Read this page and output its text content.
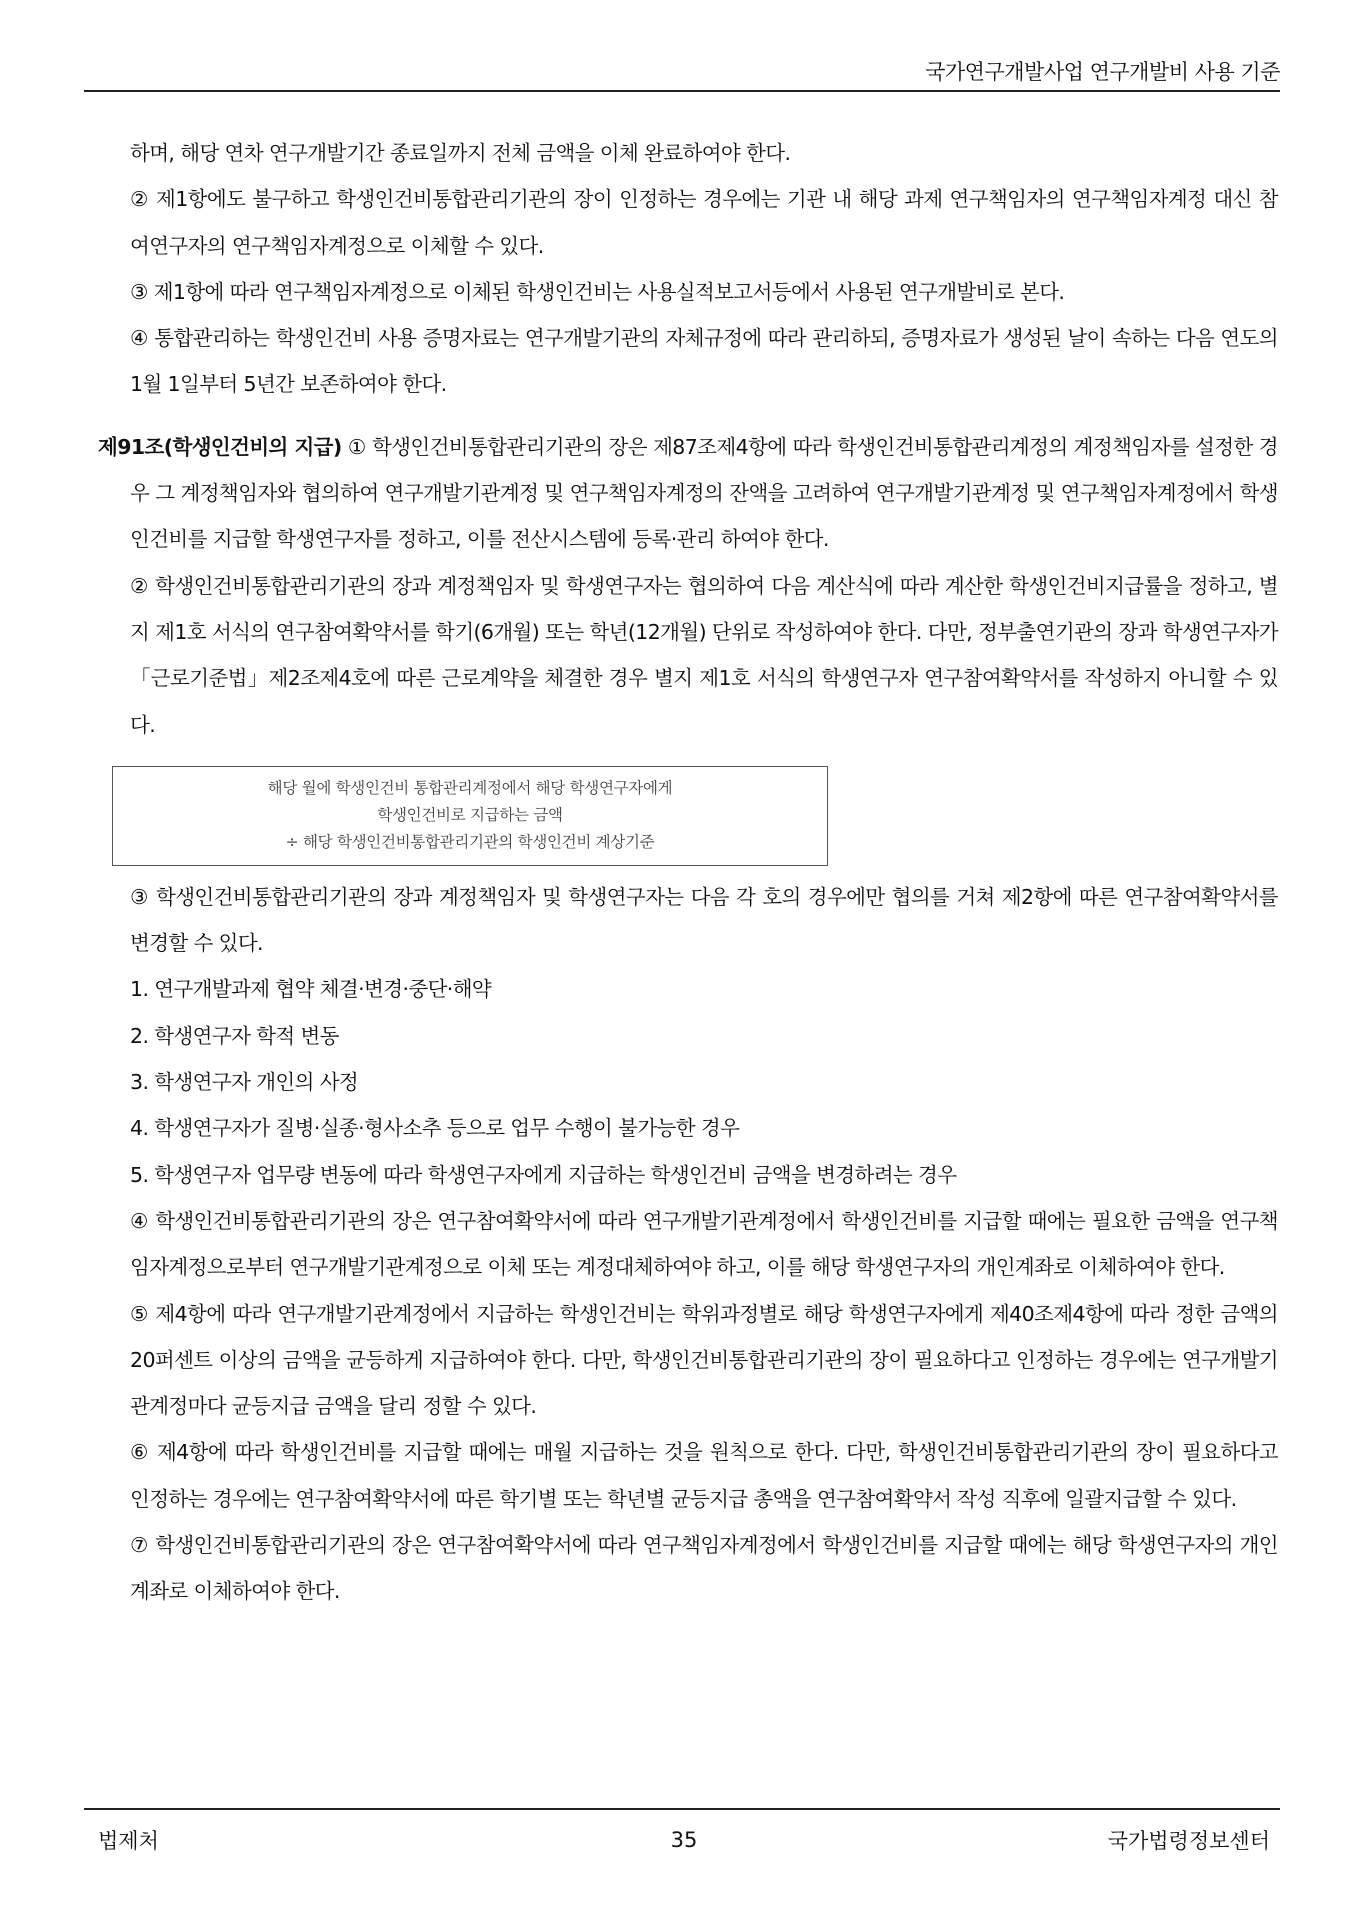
국가연구개발사업 연구개발비 사용 기준

하며, 해당 연차 연구개발기간 종료일까지 전체 금액을 이체 완료하여야 한다.

② 제1항에도 불구하고 학생인건비통합관리기관의 장이 인정하는 경우에는 기관 내 해당 과제 연구책임자의 연구책임자계정 대신 참여연구자의 연구책임자계정으로 이체할 수 있다.

③ 제1항에 따라 연구책임자계정으로 이체된 학생인건비는 사용실적보고서등에서 사용된 연구개발비로 본다.

④ 통합관리하는 학생인건비 사용 증명자료는 연구개발기관의 자체규정에 따라 관리하되, 증명자료가 생성된 날이 속하는 다음 연도의 1월 1일부터 5년간 보존하여야 한다.

제91조(학생인건비의 지급) ① 학생인건비통합관리기관의 장은 제87조제4항에 따라 학생인건비통합관리계정의 계정책임자를 설정한 경우 그 계정책임자와 협의하여 연구개발기관계정 및 연구책임자계정의 잔액을 고려하여 연구개발기관계정 및 연구책임자계정에서 학생인건비를 지급할 학생연구자를 정하고, 이를 전산시스템에 등록·관리 하여야 한다.

② 학생인건비통합관리기관의 장과 계정책임자 및 학생연구자는 협의하여 다음 계산식에 따라 계산한 학생인건비지급률을 정하고, 별지 제1호 서식의 연구참여확약서를 학기(6개월) 또는 학년(12개월) 단위로 작성하여야 한다. 다만, 정부출연기관의 장과 학생연구자가 「근로기준법」제2조제4호에 따른 근로계약을 체결한 경우 별지 제1호 서식의 학생연구자 연구참여확약서를 작성하지 아니할 수 있다.

해당 월에 학생인건비 통합관리계정에서 해당 학생연구자에게
학생인건비로 지급하는 금액
÷ 해당 학생인건비통합관리기관의 학생인건비 계상기준

③ 학생인건비통합관리기관의 장과 계정책임자 및 학생연구자는 다음 각 호의 경우에만 협의를 거쳐 제2항에 따른 연구참여확약서를 변경할 수 있다.

1. 연구개발과제 협약 체결·변경·중단·해약

2. 학생연구자 학적 변동

3. 학생연구자 개인의 사정

4. 학생연구자가 질병·실종·형사소추 등으로 업무 수행이 불가능한 경우

5. 학생연구자 업무량 변동에 따라 학생연구자에게 지급하는 학생인건비 금액을 변경하려는 경우

④ 학생인건비통합관리기관의 장은 연구참여확약서에 따라 연구개발기관계정에서 학생인건비를 지급할 때에는 필요한 금액을 연구책임자계정으로부터 연구개발기관계정으로 이체 또는 계정대체하여야 하고, 이를 해당 학생연구자의 개인계좌로 이체하여야 한다.

⑤ 제4항에 따라 연구개발기관계정에서 지급하는 학생인건비는 학위과정별로 해당 학생연구자에게 제40조제4항에 따라 정한 금액의 20퍼센트 이상의 금액을 균등하게 지급하여야 한다. 다만, 학생인건비통합관리기관의 장이 필요하다고 인정하는 경우에는 연구개발기관계정마다 균등지급 금액을 달리 정할 수 있다.

⑥ 제4항에 따라 학생인건비를 지급할 때에는 매월 지급하는 것을 원칙으로 한다. 다만, 학생인건비통합관리기관의 장이 필요하다고 인정하는 경우에는 연구참여확약서에 따른 학기별 또는 학년별 균등지급 총액을 연구참여확약서 작성 직후에 일괄지급할 수 있다.

⑦ 학생인건비통합관리기관의 장은 연구참여확약서에 따라 연구책임자계정에서 학생인건비를 지급할 때에는 해당 학생연구자의 개인계좌로 이체하여야 한다.

법제처	35	국가법령정보센터
